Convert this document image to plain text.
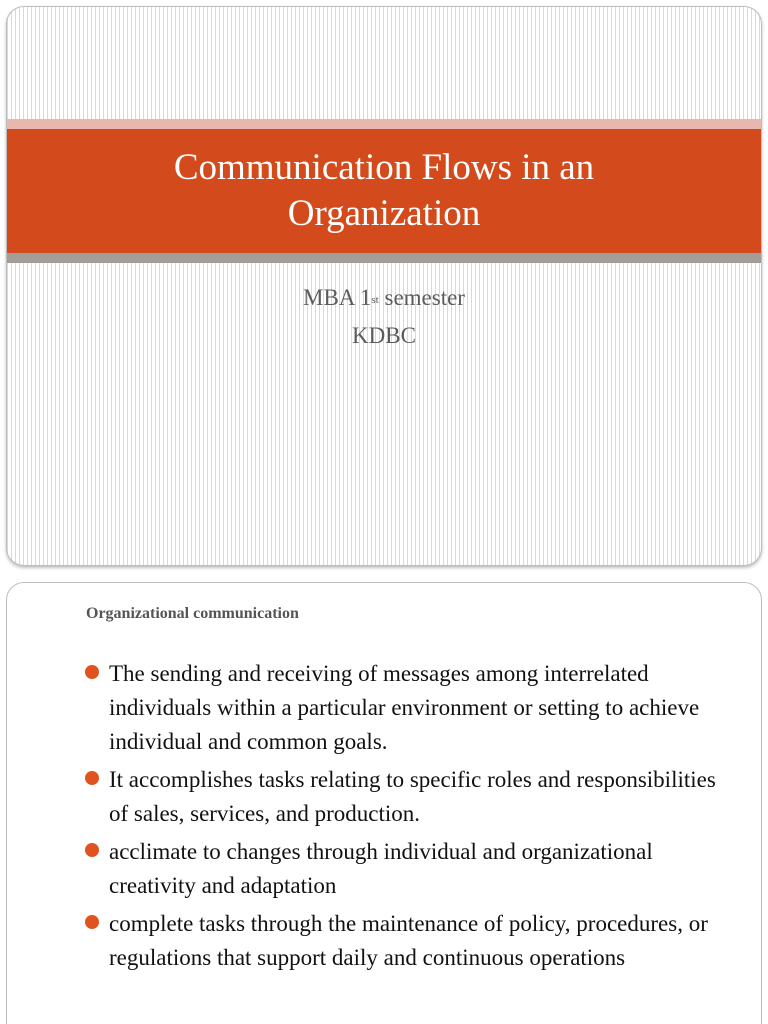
Communication Flows in an Organization
MBA 1st semester
KDBC
Organizational communication
The sending and receiving of messages among interrelated individuals within a particular environment or setting to achieve individual and common goals.
It accomplishes tasks relating to specific roles and responsibilities of sales, services, and production.
acclimate to changes through individual and organizational creativity and adaptation
complete tasks through the maintenance of policy, procedures, or regulations that support daily and continuous operations
